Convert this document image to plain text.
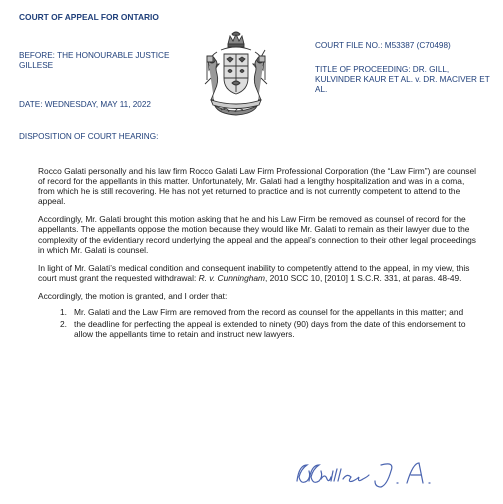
COURT OF APPEAL FOR ONTARIO
BEFORE: THE HONOURABLE JUSTICE GILLESE
DATE: WEDNESDAY, MAY 11, 2022
DISPOSITION OF COURT HEARING:
COURT FILE NO.: M53387 (C70498)
TITLE OF PROCEEDING: DR. GILL, KULVINDER KAUR ET AL. v. DR. MACIVER ET AL.

Rocco Galati personally and his law firm Rocco Galati Law Firm Professional Corporation (the “Law Firm”) are counsel of record for the appellants in this matter. Unfortunately, Mr. Galati had a lengthy hospitalization and was in a coma, from which he is still recovering. He has not yet returned to practice and is not currently competent to attend to the appeal.

Accordingly, Mr. Galati brought this motion asking that he and his Law Firm be removed as counsel of record for the appellants. The appellants oppose the motion because they would like Mr. Galati to remain as their lawyer due to the complexity of the evidentiary record underlying the appeal and the appeal’s connection to their other legal proceedings in which Mr. Galati is counsel.

In light of Mr. Galati’s medical condition and consequent inability to competently attend to the appeal, in my view, this court must grant the requested withdrawal: R. v. Cunningham, 2010 SCC 10, [2010] 1 S.C.R. 331, at paras. 48-49.

Accordingly, the motion is granted, and I order that:

1. Mr. Galati and the Law Firm are removed from the record as counsel for the appellants in this matter; and
2. the deadline for perfecting the appeal is extended to ninety (90) days from the date of this endorsement to allow the appellants time to retain and instruct new lawyers.
